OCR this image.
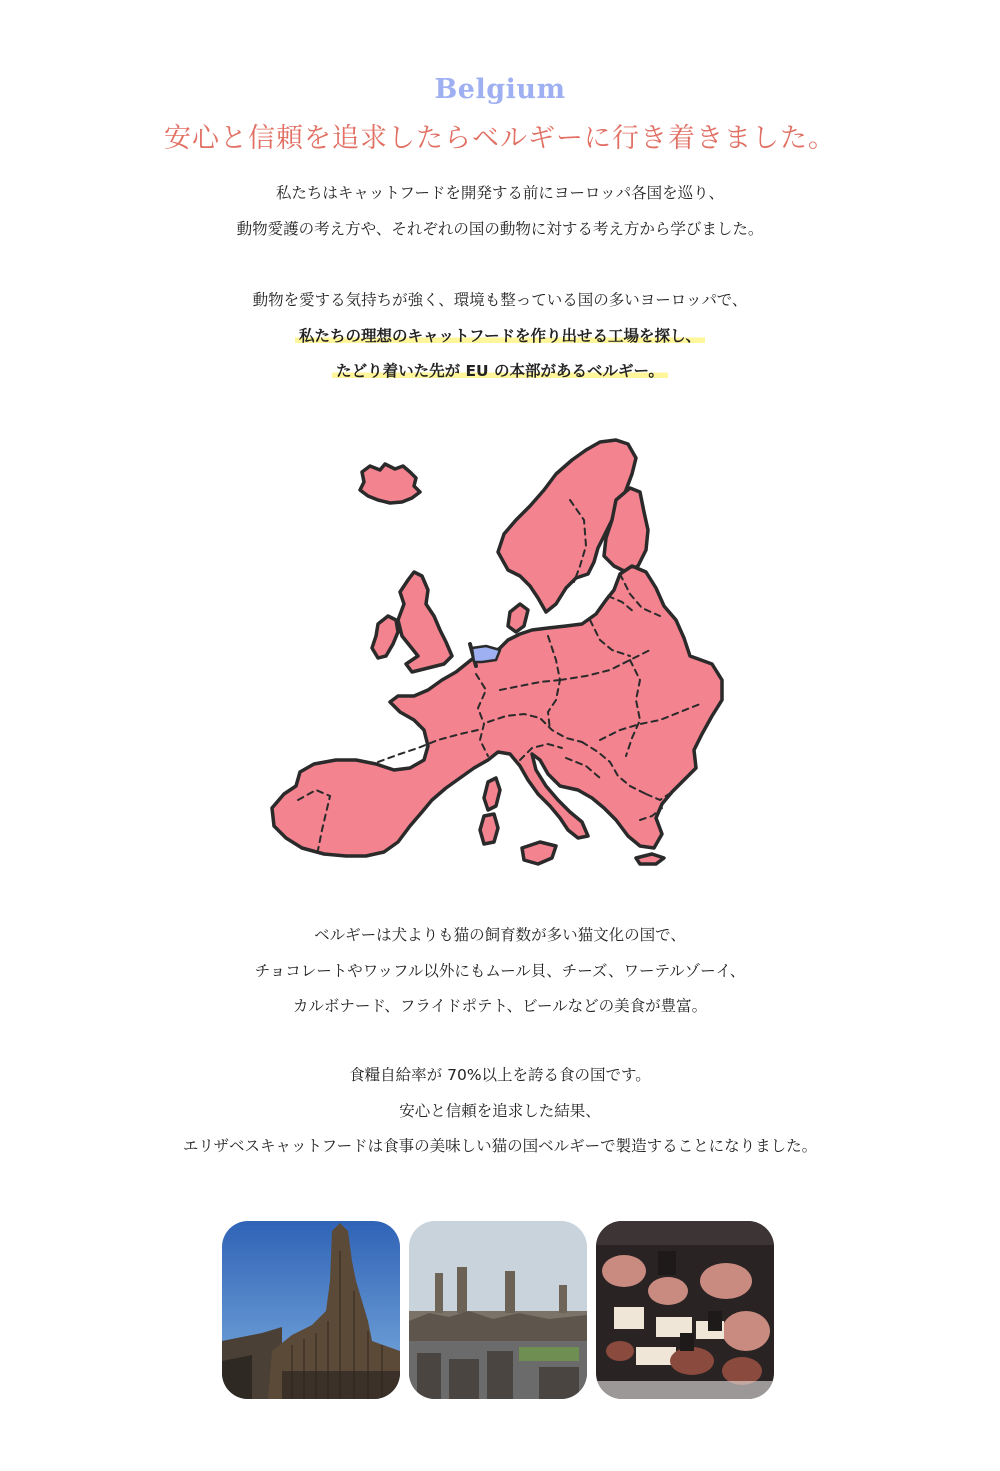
Belgium
安心と信頼を追求したらベルギーに行き着きました。
私たちはキャットフードを開発する前にヨーロッパ各国を巡り、
動物愛護の考え方や、それぞれの国の動物に対する考え方から学びました。
動物を愛する気持ちが強く、環境も整っている国の多いヨーロッパで、
私たちの理想のキャットフードを作り出せる工場を探し、
たどり着いた先が EU の本部があるベルギー。
ベルギーは犬よりも猫の飼育数が多い猫文化の国で、
チョコレートやワッフル以外にもムール貝、チーズ、ワーテルゾーイ、
カルボナード、フライドポテト、ビールなどの美食が豊富。
食糧自給率が 70%以上を誇る食の国です。
安心と信頼を追求した結果、
エリザベスキャットフードは食事の美味しい猫の国ベルギーで製造することになりました。
